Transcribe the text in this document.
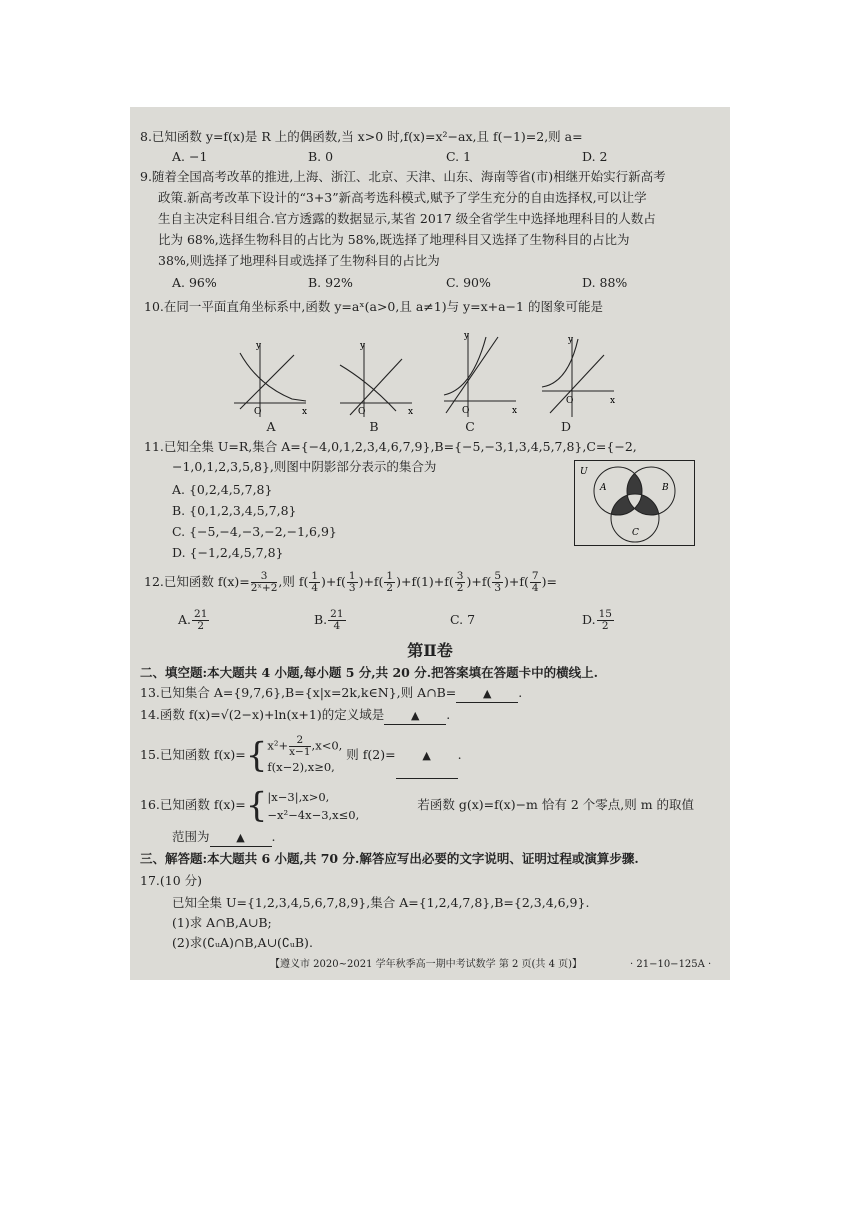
8.已知函数 y=f(x)是 R 上的偶函数,当 x>0 时,f(x)=x²−ax,且 f(−1)=2,则 a=
A. −1	B. 0	C. 1	D. 2
9.随着全国高考改革的推进,上海、浙江、北京、天津、山东、海南等省(市)相继开始实行新高考
政策.新高考改革下设计的“3+3”新高考选科模式,赋予了学生充分的自由选择权,可以让学
生自主决定科目组合.官方透露的数据显示,某省 2017 级全省学生中选择地理科目的人数占
比为 68%,选择生物科目的占比为 58%,既选择了地理科目又选择了生物科目的占比为
38%,则选择了地理科目或选择了生物科目的占比为
A. 96%	B. 92%	C. 90%	D. 88%
10.在同一平面直角坐标系中,函数 y=aˣ(a>0,且 a≠1)与 y=x+a−1 的图象可能是
y
x
O
A
y
x
O
B
y
x
O
C
y
x
O
D
11.已知全集 U=R,集合 A={−4,0,1,2,3,4,6,7,9},B={−5,−3,1,3,4,5,7,8},C={−2,
−1,0,1,2,3,5,8},则图中阴影部分表示的集合为
A. {0,2,4,5,7,8}
B. {0,1,2,3,4,5,7,8}
C. {−5,−4,−3,−2,−1,6,9}
D. {−1,2,4,5,7,8}
U
A	B
C
12.已知函数 $f(x)= \frac{3}{\text{2ˣ+2}}$ ,则 $f( \frac{1}{4} )+f( \frac{1}{3} )+f( \frac{1}{2} )+f(1)+f( \frac{3}{2} )+f( \frac{5}{3} )+f( \frac{7}{4}$ )=
A. $\frac{21}{2}$	B. $\frac{21}{4}$	C. 7	D. $\frac{15}{2}$
第Ⅱ卷
二、填空题:本大题共 4 小题,每小题 5 分,共 20 分.把答案填在答题卡中的横线上.
13.已知集合 A={9,7,6},B={x|x=2k,k∈N},则 A∩B= ▲ .
14.函数 f(x)=√(2−x)+ln(x+1)的定义域是 ▲ .
15.已知函数 f(x)={ $x^2+ \frac{2}{x-1} ,x<0$,
f(x−2),x≥0,
则 f(2)= ▲ .
16.已知函数 f(x)={ |x−3|,x>0,
−x²−4x−3,x≤0,
若函数 g(x)=f(x)−m 恰有 2 个零点,则 m 的取值
范围为 ▲ .
三、解答题:本大题共 6 小题,共 70 分.解答应写出必要的文字说明、证明过程或演算步骤.
17.(10 分)
已知全集 U={1,2,3,4,5,6,7,8,9},集合 A={1,2,4,7,8},B={2,3,4,6,9}.
(1)求 A∩B,A∪B;
(2)求(∁ᵤA)∩B,A∪(∁ᵤB).
【遵义市 2020~2021 学年秋季高一期中考试数学 第 2 页(共 4 页)】	· 21−10−125A ·
